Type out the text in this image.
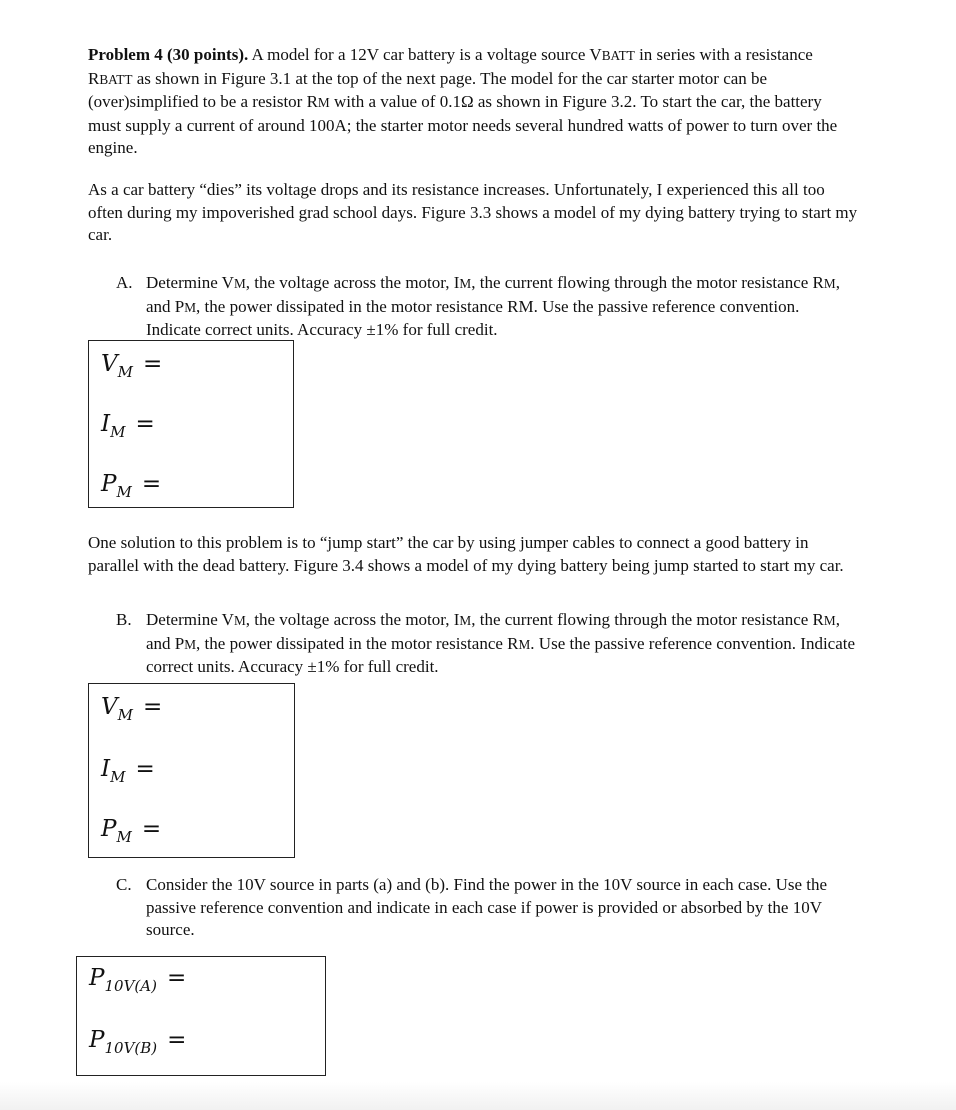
Problem 4 (30 points). A model for a 12V car battery is a voltage source VBATT in series with a resistance RBATT as shown in Figure 3.1 at the top of the next page. The model for the car starter motor can be (over)simplified to be a resistor RM with a value of 0.1Ω as shown in Figure 3.2. To start the car, the battery must supply a current of around 100A; the starter motor needs several hundred watts of power to turn over the engine.

As a car battery “dies” its voltage drops and its resistance increases. Unfortunately, I experienced this all too often during my impoverished grad school days. Figure 3.3 shows a model of my dying battery trying to start my car.

A. Determine VM, the voltage across the motor, IM, the current flowing through the motor resistance RM, and PM, the power dissipated in the motor resistance RM. Use the passive reference convention. Indicate correct units. Accuracy ±1% for full credit.
$V_M$ =
$I_M$ =
$P_M$ =

One solution to this problem is to “jump start” the car by using jumper cables to connect a good battery in parallel with the dead battery. Figure 3.4 shows a model of my dying battery being jump started to start my car.

B. Determine VM, the voltage across the motor, IM, the current flowing through the motor resistance RM, and PM, the power dissipated in the motor resistance RM. Use the passive reference convention. Indicate correct units. Accuracy ±1% for full credit.
$V_M$ =
$I_M$ =
$P_M$ =
C. Consider the 10V source in parts (a) and (b). Find the power in the 10V source in each case. Use the passive reference convention and indicate in each case if power is provided or absorbed by the 10V source.
$P_{10V(A)}$ =
$P_{10V(B)}$ =
